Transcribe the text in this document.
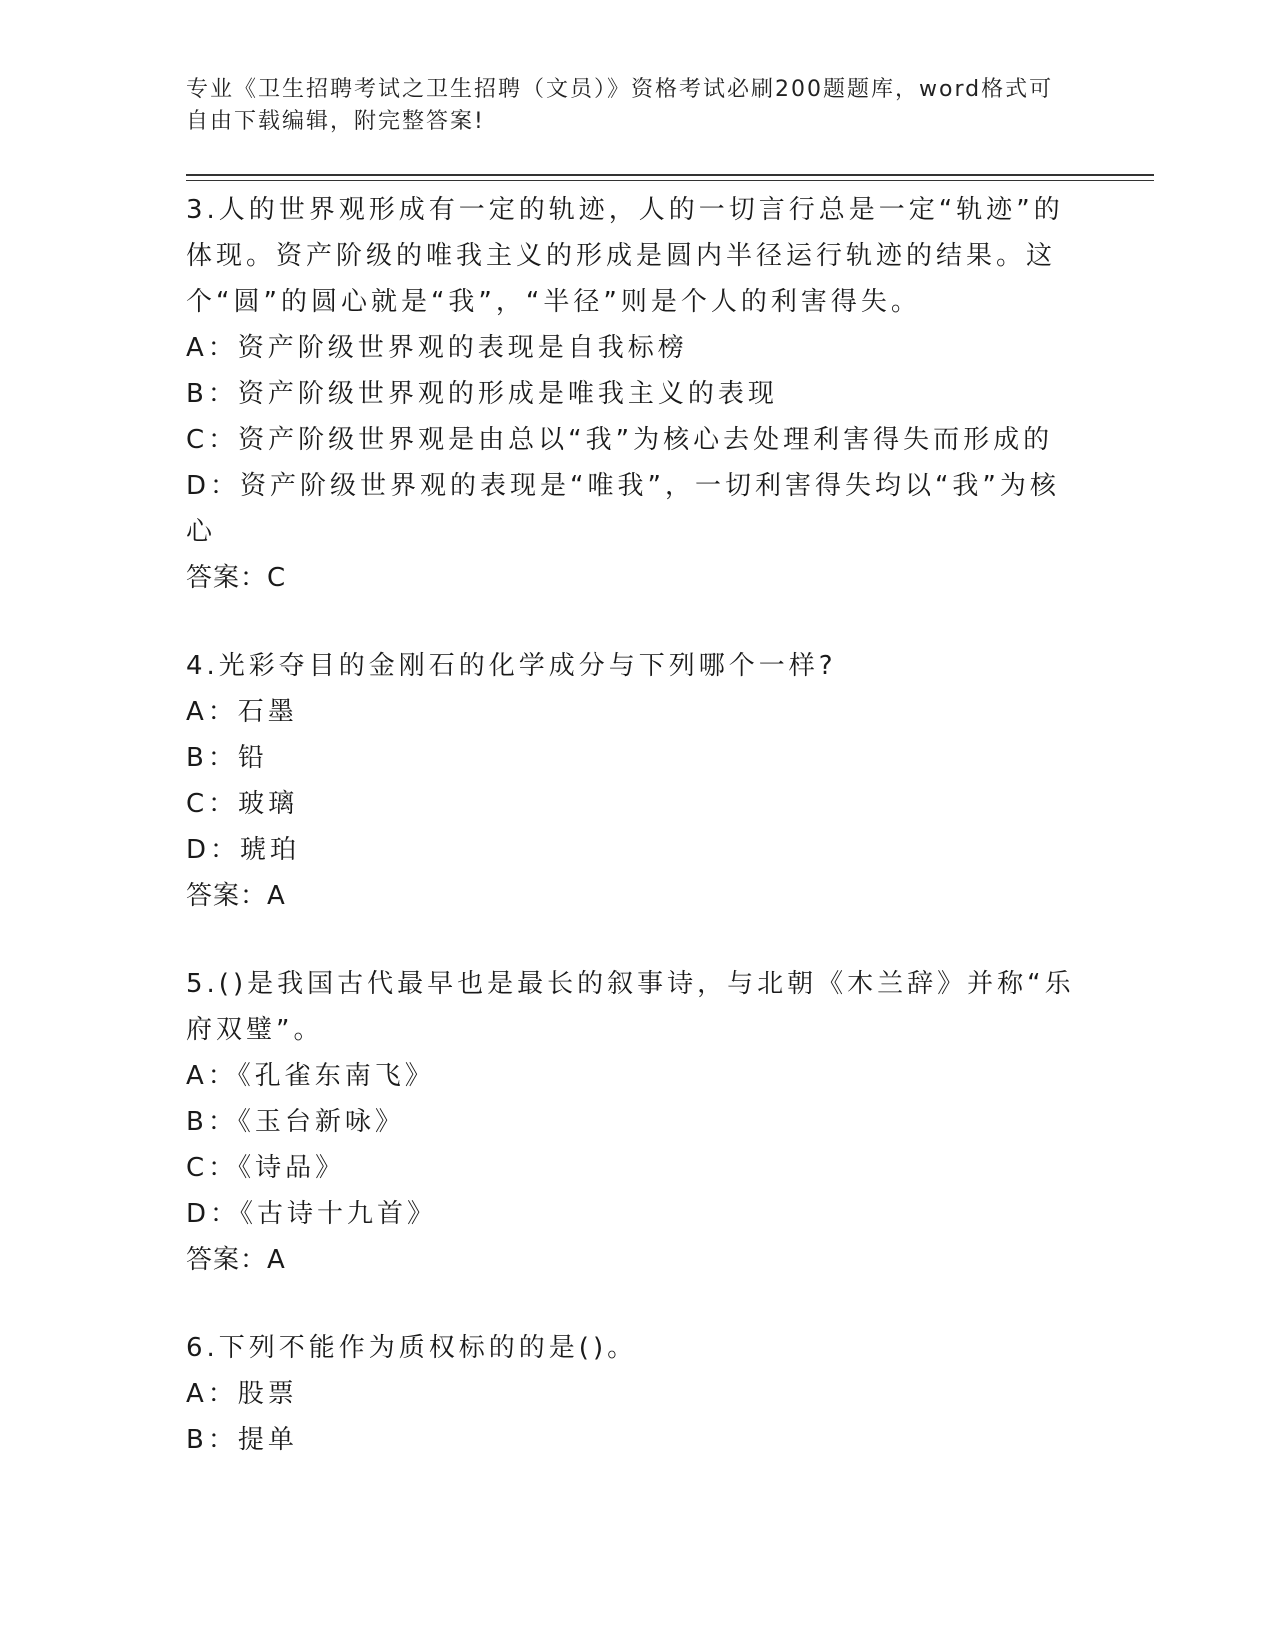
专业《卫生招聘考试之卫生招聘（文员）》资格考试必刷200题题库，word格式可自由下载编辑，附完整答案!

3.人的世界观形成有一定的轨迹，人的一切言行总是一定“轨迹”的体现。资产阶级的唯我主义的形成是圆内半径运行轨迹的结果。这个“圆”的圆心就是“我”，“半径”则是个人的利害得失。

A：资产阶级世界观的表现是自我标榜

B：资产阶级世界观的形成是唯我主义的表现

C：资产阶级世界观是由总以“我”为核心去处理利害得失而形成的

D：资产阶级世界观的表现是“唯我”，一切利害得失均以“我”为核心

答案：C

4.光彩夺目的金刚石的化学成分与下列哪个一样?

A：石墨

B：铅

C：玻璃

D：琥珀

答案：A

5.()是我国古代最早也是最长的叙事诗，与北朝《木兰辞》并称“乐府双璧”。

A：《孔雀东南飞》

B：《玉台新咏》

C：《诗品》

D：《古诗十九首》

答案：A

6.下列不能作为质权标的的是()。

A：股票

B：提单
